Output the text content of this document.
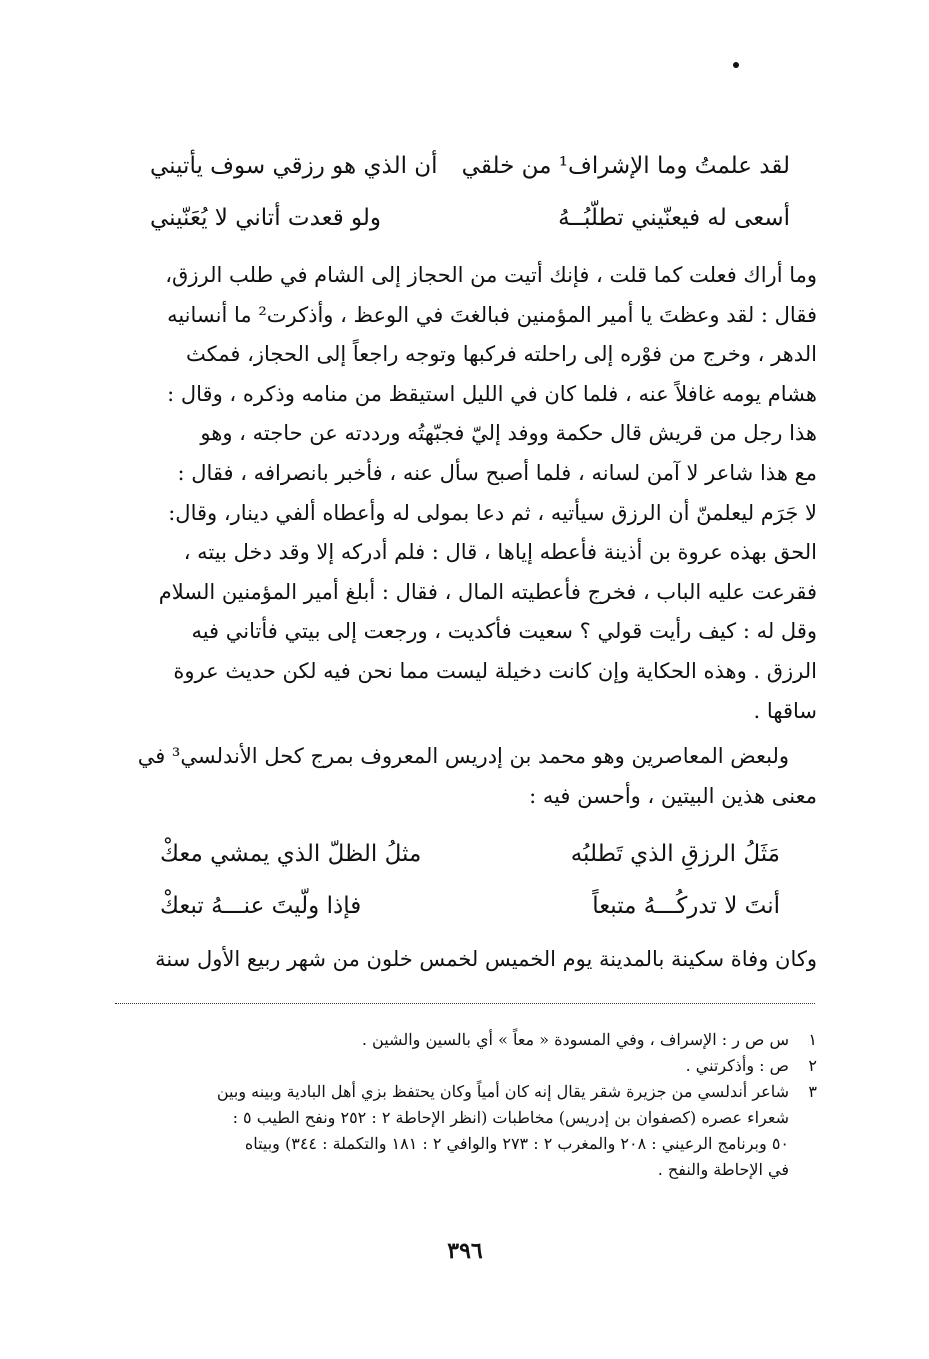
لقد علمتُ وما الإشراف¹ من خلقي
أن الذي هو رزقي سوف يأتيني
أسعى له فيعنّيني تطلّبُــهُ
ولو قعدت أتاني لا يُعَنّيني

وما أراك فعلت كما قلت ، فإنك أتيت من الحجاز إلى الشام في طلب الرزق،

فقال : لقد وعظتَ يا أمير المؤمنين فبالغتَ في الوعظ ، وأذكرت² ما أنسانيه

الدهر ، وخرج من فوْره إلى راحلته فركبها وتوجه راجعاً إلى الحجاز، فمكث

هشام يومه غافلاً عنه ، فلما كان في الليل استيقظ من منامه وذكره ، وقال :

هذا رجل من قريش قال حكمة ووفد إليّ فجبّهتُه ورددته عن حاجته ، وهو

مع هذا شاعر لا آمن لسانه ، فلما أصبح سأل عنه ، فأخبر بانصرافه ، فقال :

لا جَرَم ليعلمنّ أن الرزق سيأتيه ، ثم دعا بمولى له وأعطاه ألفي دينار، وقال:

الحق بهذه عروة بن أذينة فأعطه إياها ، قال : فلم أدركه إلا وقد دخل بيته ،

فقرعت عليه الباب ، فخرج فأعطيته المال ، فقال : أبلغ أمير المؤمنين السلام

وقل له : كيف رأيت قولي ؟ سعيت فأكديت ، ورجعت إلى بيتي فأتاني فيه

الرزق . وهذه الحكاية وإن كانت دخيلة ليست مما نحن فيه لكن حديث عروة

ساقها .

ولبعض المعاصرين وهو محمد بن إدريس المعروف بمرج كحل الأندلسي³ في

معنى هذين البيتين ، وأحسن فيه :

مَثَلُ الرزقِ الذي تَطلبُه
مثلُ الظلّ الذي يمشي معكْ
أنتَ لا تدركُـــهُ متبعاً
فإذا ولّيتَ عنـــهُ تبعكْ

وكان وفاة سكينة بالمدينة يوم الخميس لخمس خلون من شهر ربيع الأول سنة

١
س ص ر : الإسراف ، وفي المسودة « معاً » أي بالسين والشين .
٢
ص : وأذكرتني .
٣
شاعر أندلسي من جزيرة شقر يقال إنه كان أمياً وكان يحتفظ بزي أهل البادية وبينه وبين
شعراء عصره (كصفوان بن إدريس) مخاطبات (انظر الإحاطة ٢ : ٢٥٢ ونفح الطيب ٥ :
٥٠ وبرنامج الرعيني : ٢٠٨ والمغرب ٢ : ٢٧٣ والوافي ٢ : ١٨١ والتكملة : ٣٤٤) وبيتاه
في الإحاطة والنفح .
٣٩٦
